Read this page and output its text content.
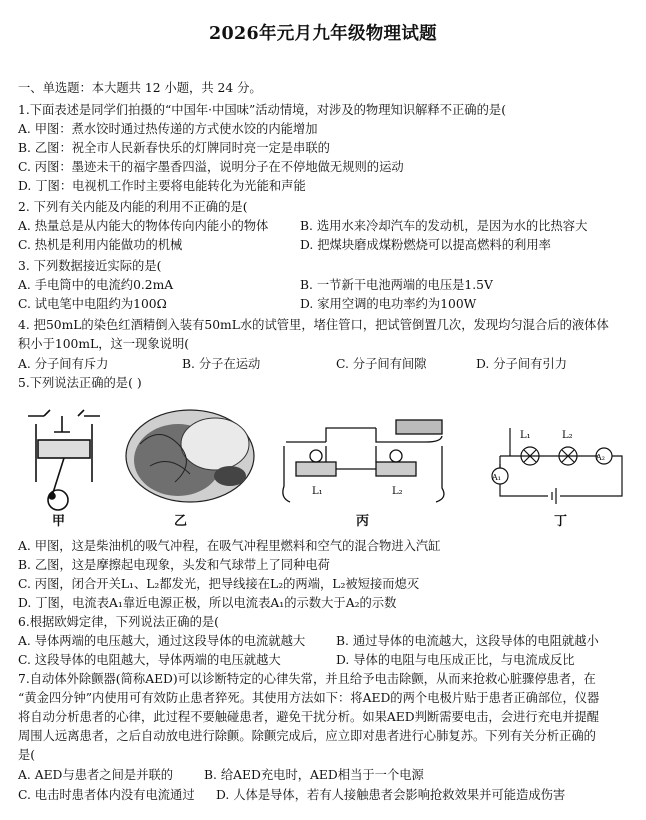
2026年元月九年级物理试题
一、单选题：本大题共 12 小题，共 24 分。
1.下面表述是同学们拍摄的“中国年·中国味”活动情境，对涉及的物理知识解释不正确的是(
A. 甲图：煮水饺时通过热传递的方式使水饺的内能增加
B. 乙图：祝全市人民新春快乐的灯牌同时亮一定是串联的
C. 丙图：墨迹未干的福字墨香四溢，说明分子在不停地做无规则的运动
D. 丁图：电视机工作时主要将电能转化为光能和声能
2. 下列有关内能及内能的利用不正确的是(
A. 热量总是从内能大的物体传向内能小的物体	B. 选用水来冷却汽车的发动机，是因为水的比热容大
C. 热机是利用内能做功的机械	D. 把煤块磨成煤粉燃烧可以提高燃料的利用率
3. 下列数据接近实际的是(
A. 手电筒中的电流约0.2mA	B. 一节新干电池两端的电压是1.5V
C. 试电笔中电阻约为100Ω	D. 家用空调的电功率约为100W
4. 把50mL的染色红酒精倒入装有50mL水的试管里，堵住管口，把试管倒置几次，发现均匀混合后的液体体
积小于100mL，这一现象说明(
A. 分子间有斥力	B. 分子在运动	C. 分子间有间隙	D. 分子间有引力
5.下列说法正确的是( )
甲	乙
L₁	L₂
丙
L₁	L₂
A₂
A₁
丁
A. 甲图，这是柴油机的吸气冲程，在吸气冲程里燃料和空气的混合物进入汽缸
B. 乙图，这是摩擦起电现象，头发和气球带上了同种电荷
C. 丙图，闭合开关L₁、L₂都发光，把导线接在L₂的两端，L₂被短接而熄灭
D. 丁图，电流表A₁靠近电源正极，所以电流表A₁的示数大于A₂的示数
6.根据欧姆定律，下列说法正确的是(
A. 导体两端的电压越大，通过这段导体的电流就越大	B. 通过导体的电流越大，这段导体的电阻就越小
C. 这段导体的电阻越大，导体两端的电压就越大	D. 导体的电阻与电压成正比，与电流成反比
7.自动体外除颤器(简称AED)可以诊断特定的心律失常，并且给予电击除颤，从而来抢救心脏骤停患者，在
“黄金四分钟”内使用可有效防止患者猝死。其使用方法如下：将AED的两个电极片贴于患者正确部位，仪器
将自动分析患者的心律，此过程不要触碰患者，避免干扰分析。如果AED判断需要电击，会进行充电并提醒
周围人远离患者，之后自动放电进行除颤。除颤完成后，应立即对患者进行心肺复苏。下列有关分析正确的
是(
A. AED与患者之间是并联的	B. 给AED充电时，AED相当于一个电源
C. 电击时患者体内没有电流通过 D. 人体是导体，若有人接触患者会影响抢救效果并可能造成伤害
